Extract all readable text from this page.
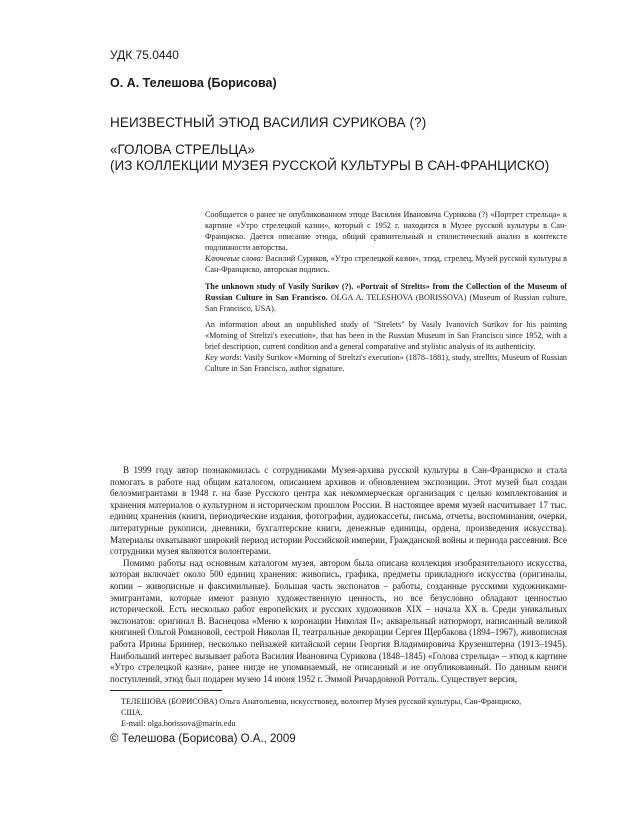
УДК 75.0440
О. А. Телешова (Борисова)
НЕИЗВЕСТНЫЙ ЭТЮД ВАСИЛИЯ СУРИКОВА (?)
«ГОЛОВА СТРЕЛЬЦА»
(ИЗ КОЛЛЕКЦИИ МУЗЕЯ РУССКОЙ КУЛЬТУРЫ В САН-ФРАНЦИСКО)

Сообщается о ранее не опубликованном этюде Василия Ивановича Сурикова (?) «Портрет стрельца» к картине «Утро стрелецкой казни», который с 1952 г. находится в Музее русской культуры в Сан-Франциско. Дается описание этюда, общий сравнительный и стилистический анализ в контексте подлинности авторства.

Ключевые слова: Василий Суриков, «Утро стрелецкой казни», этюд, стрелец, Музей русской культуры в Сан-Франциско, авторская подпись.

The unknown study of Vasily Surikov (?). «Portrait of Streltts» from the Collection of the Museum of Russian Culture in San Francisco. OLGA A. TELESHOVA (BORISSOVA) (Museum of Russian culture, San Francisco, USA).

An information about an unpublished study of "Strelets" by Vasily Ivanovich Surikov for his painting «Morning of Streltzi's execution», that has been in the Russian Museum in San Francisco since 1952, with a brief description, current condition and a general comparative and stylistic analysis of its authenticity.

Key words: Vasily Surikov «Morning of Streltzi's execution» (1878–1881), study, strelltts, Museum of Russian Culture in San Francisco, author signature.

В 1999 году автор познакомилась с сотрудниками Музея-архива русской культуры в Сан-Франциско и стала помогать в работе над общим каталогом, описанием архивов и обновлением экспозиции. Этот музей был создан белоэмигрантами в 1948 г. на базе Русского центра как некоммерческая организация с целью комплектования и хранения материалов о культурном и историческом прошлом России. В настоящее время музей насчитывает 17 тыс. единиц хранения (книги, периодические издания, фотографии, аудиокассеты, письма, отчеты, воспоминания, очерки, литературные рукописи, дневники, бухгалтерские книги, денежные единицы, ордена, произведения искусства). Материалы охватывают широкий период истории Российской империи, Гражданской войны и периода рассеяния. Все сотрудники музея являются волонтерами.

Помимо работы над основным каталогом музея, автором была описана коллекция изобразительного искусства, которая включает около 500 единиц хранения: живопись, графика, предметы прикладного искусства (оригиналы, копии – живописные и факсимильные). Большая часть экспонатов – работы, созданные русскими художниками-эмигрантами, которые имеют разную художественную ценность, но все безусловно обладают ценностью исторической. Есть несколько работ европейских и русских художников XIX – начала XX в. Среди уникальных экспонатов: оригинал В. Васнецова «Меню к коронации Николая II»; акварельный натюрморт, написанный великой княгиней Ольгой Романовой, сестрой Николая II, театральные декорации Сергея Щербакова (1894–1967), живописная работа Ирины Бриннер, несколько пейзажей китайской серии Георгия Владимировича Крузенштерна (1913–1945). Наибольший интерес вызывает работа Василия Ивановича Сурикова (1848–1845) «Голова стрельца» – этюд к картине «Утро стрелецкой казни», ранее нигде не упоминаемый, не описанный и не опубликованный. По данным книги поступлений, этюд был подарен музею 14 июня 1952 г. Эммой Ричардовной Ротталь. Существует версия,

ТЕЛЕШОВА (БОРИСОВА) Ольга Анатольевна, искусствовед, волонтер Музея русской культуры, Сан-Франциско,

США.

E-mail: olga.borissova@marin.edu

© Телешова (Борисова) О.А., 2009
